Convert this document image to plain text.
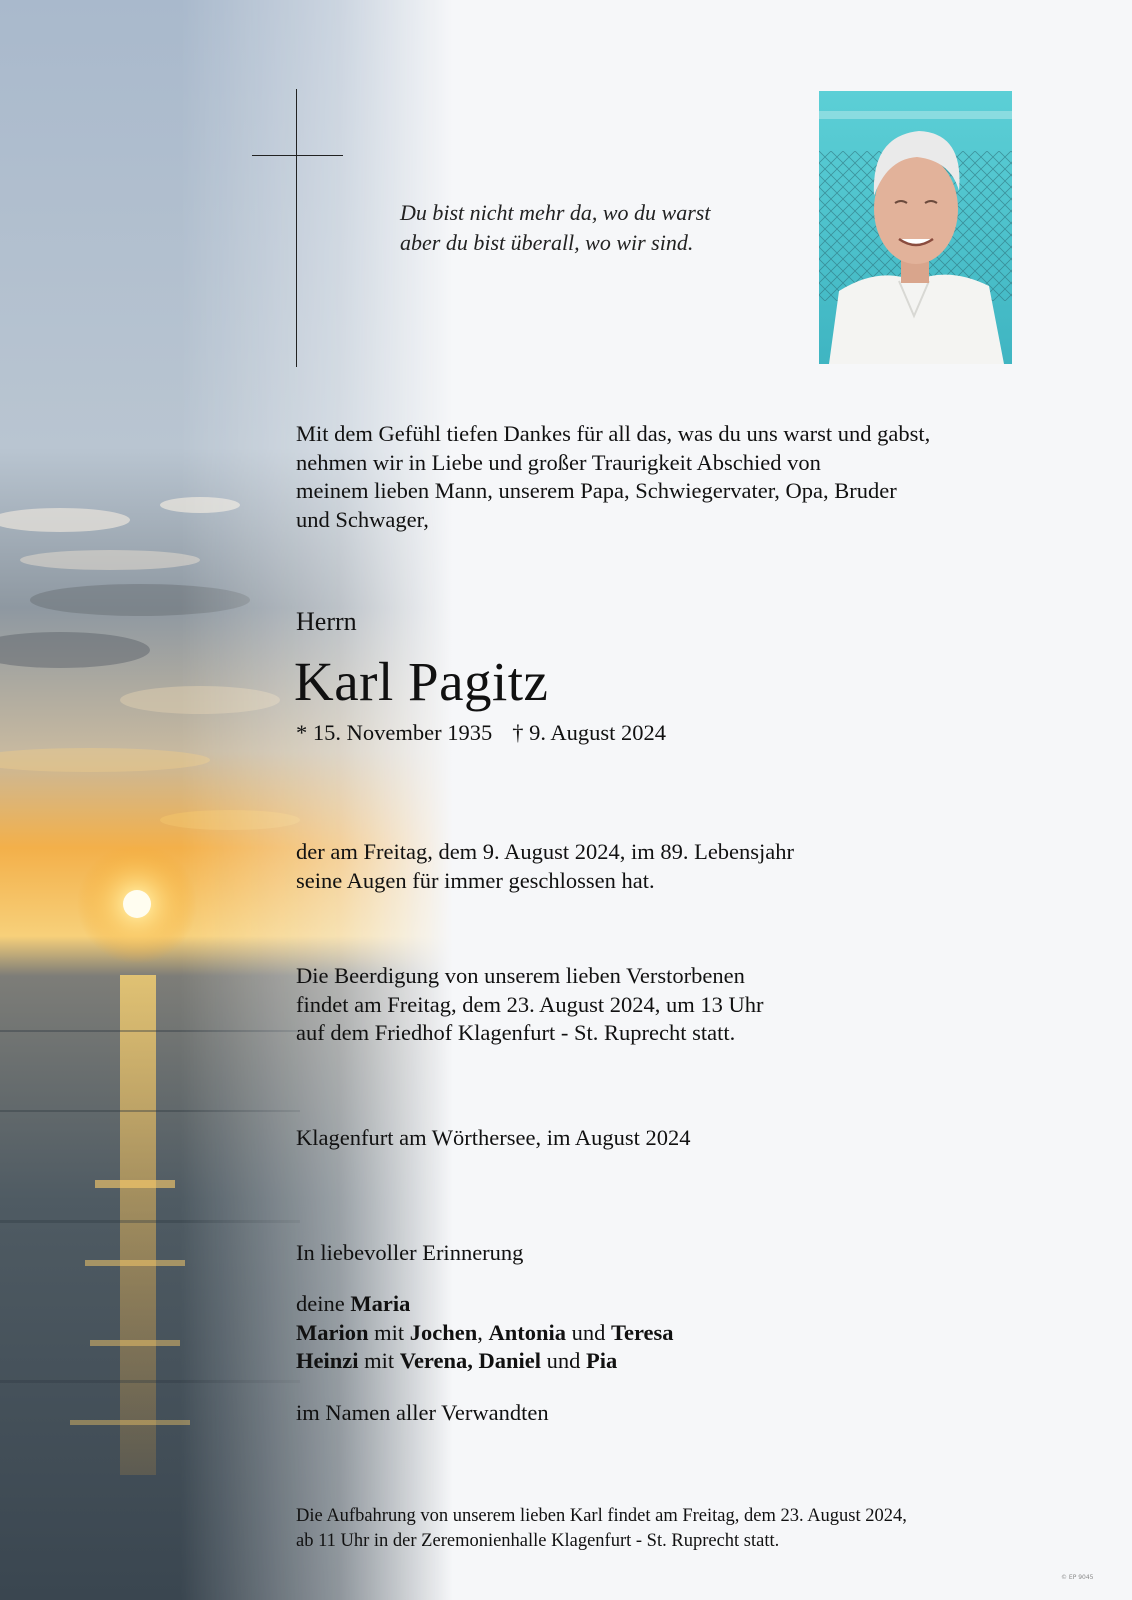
Du bist nicht mehr da, wo du warst
aber du bist überall, wo wir sind.
Mit dem Gefühl tiefen Dankes für all das, was du uns warst und gabst,
nehmen wir in Liebe und großer Traurigkeit Abschied von
meinem lieben Mann, unserem Papa, Schwiegervater, Opa, Bruder
und Schwager,
Herrn
Karl Pagitz
* 15. November 1935 † 9. August 2024
der am Freitag, dem 9. August 2024, im 89. Lebensjahr
seine Augen für immer geschlossen hat.
Die Beerdigung von unserem lieben Verstorbenen
findet am Freitag, dem 23. August 2024, um 13 Uhr
auf dem Friedhof Klagenfurt - St. Ruprecht statt.
Klagenfurt am Wörthersee, im August 2024
In liebevoller Erinnerung
deine Maria
Marion mit Jochen, Antonia und Teresa
Heinzi mit Verena, Daniel und Pia
im Namen aller Verwandten
Die Aufbahrung von unserem lieben Karl findet am Freitag, dem 23. August 2024,
ab 11 Uhr in der Zeremonienhalle Klagenfurt - St. Ruprecht statt.
© EP 9045
